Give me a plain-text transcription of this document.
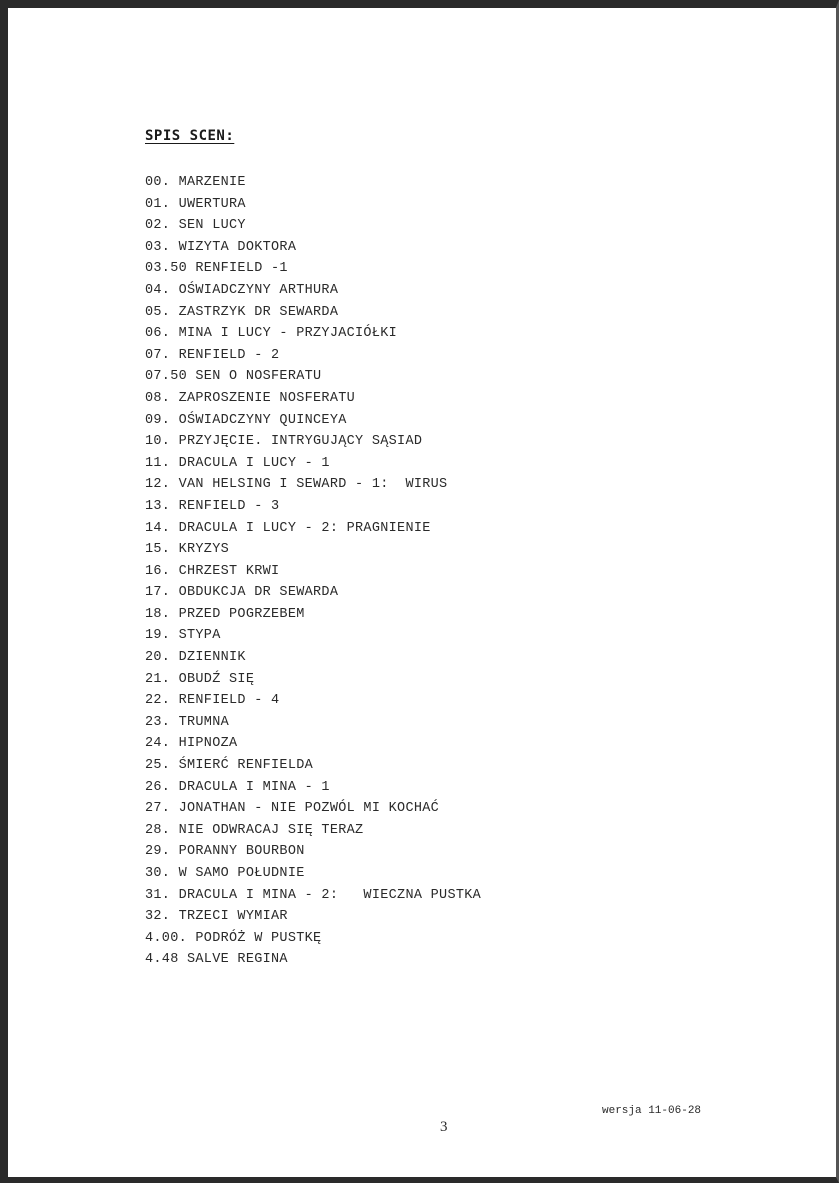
SPIS SCEN:
00. MARZENIE
01. UWERTURA
02. SEN LUCY
03. WIZYTA DOKTORA
03.50 RENFIELD -1
04. OŚWIADCZYNY ARTHURA
05. ZASTRZYK DR SEWARDA
06. MINA I LUCY - PRZYJACIÓŁKI
07. RENFIELD - 2
07.50 SEN O NOSFERATU
08. ZAPROSZENIE NOSFERATU
09. OŚWIADCZYNY QUINCEYA
10. PRZYJĘCIE. INTRYGUJĄCY SĄSIAD
11. DRACULA I LUCY - 1
12. VAN HELSING I SEWARD - 1:  WIRUS
13. RENFIELD - 3
14. DRACULA I LUCY - 2: PRAGNIENIE
15. KRYZYS
16. CHRZEST KRWI
17. OBDUKCJA DR SEWARDA
18. PRZED POGRZEBEM
19. STYPA
20. DZIENNIK
21. OBUDŹ SIĘ
22. RENFIELD - 4
23. TRUMNA
24. HIPNOZA
25. ŚMIERĆ RENFIELDA
26. DRACULA I MINA - 1
27. JONATHAN - NIE POZWÓL MI KOCHAĆ
28. NIE ODWRACAJ SIĘ TERAZ
29. PORANNY BOURBON
30. W SAMO POŁUDNIE
31. DRACULA I MINA - 2:   WIECZNA PUSTKA
32. TRZECI WYMIAR
4.00. PODRÓŻ W PUSTKĘ
4.48 SALVE REGINA
wersja 11-06-28
3
